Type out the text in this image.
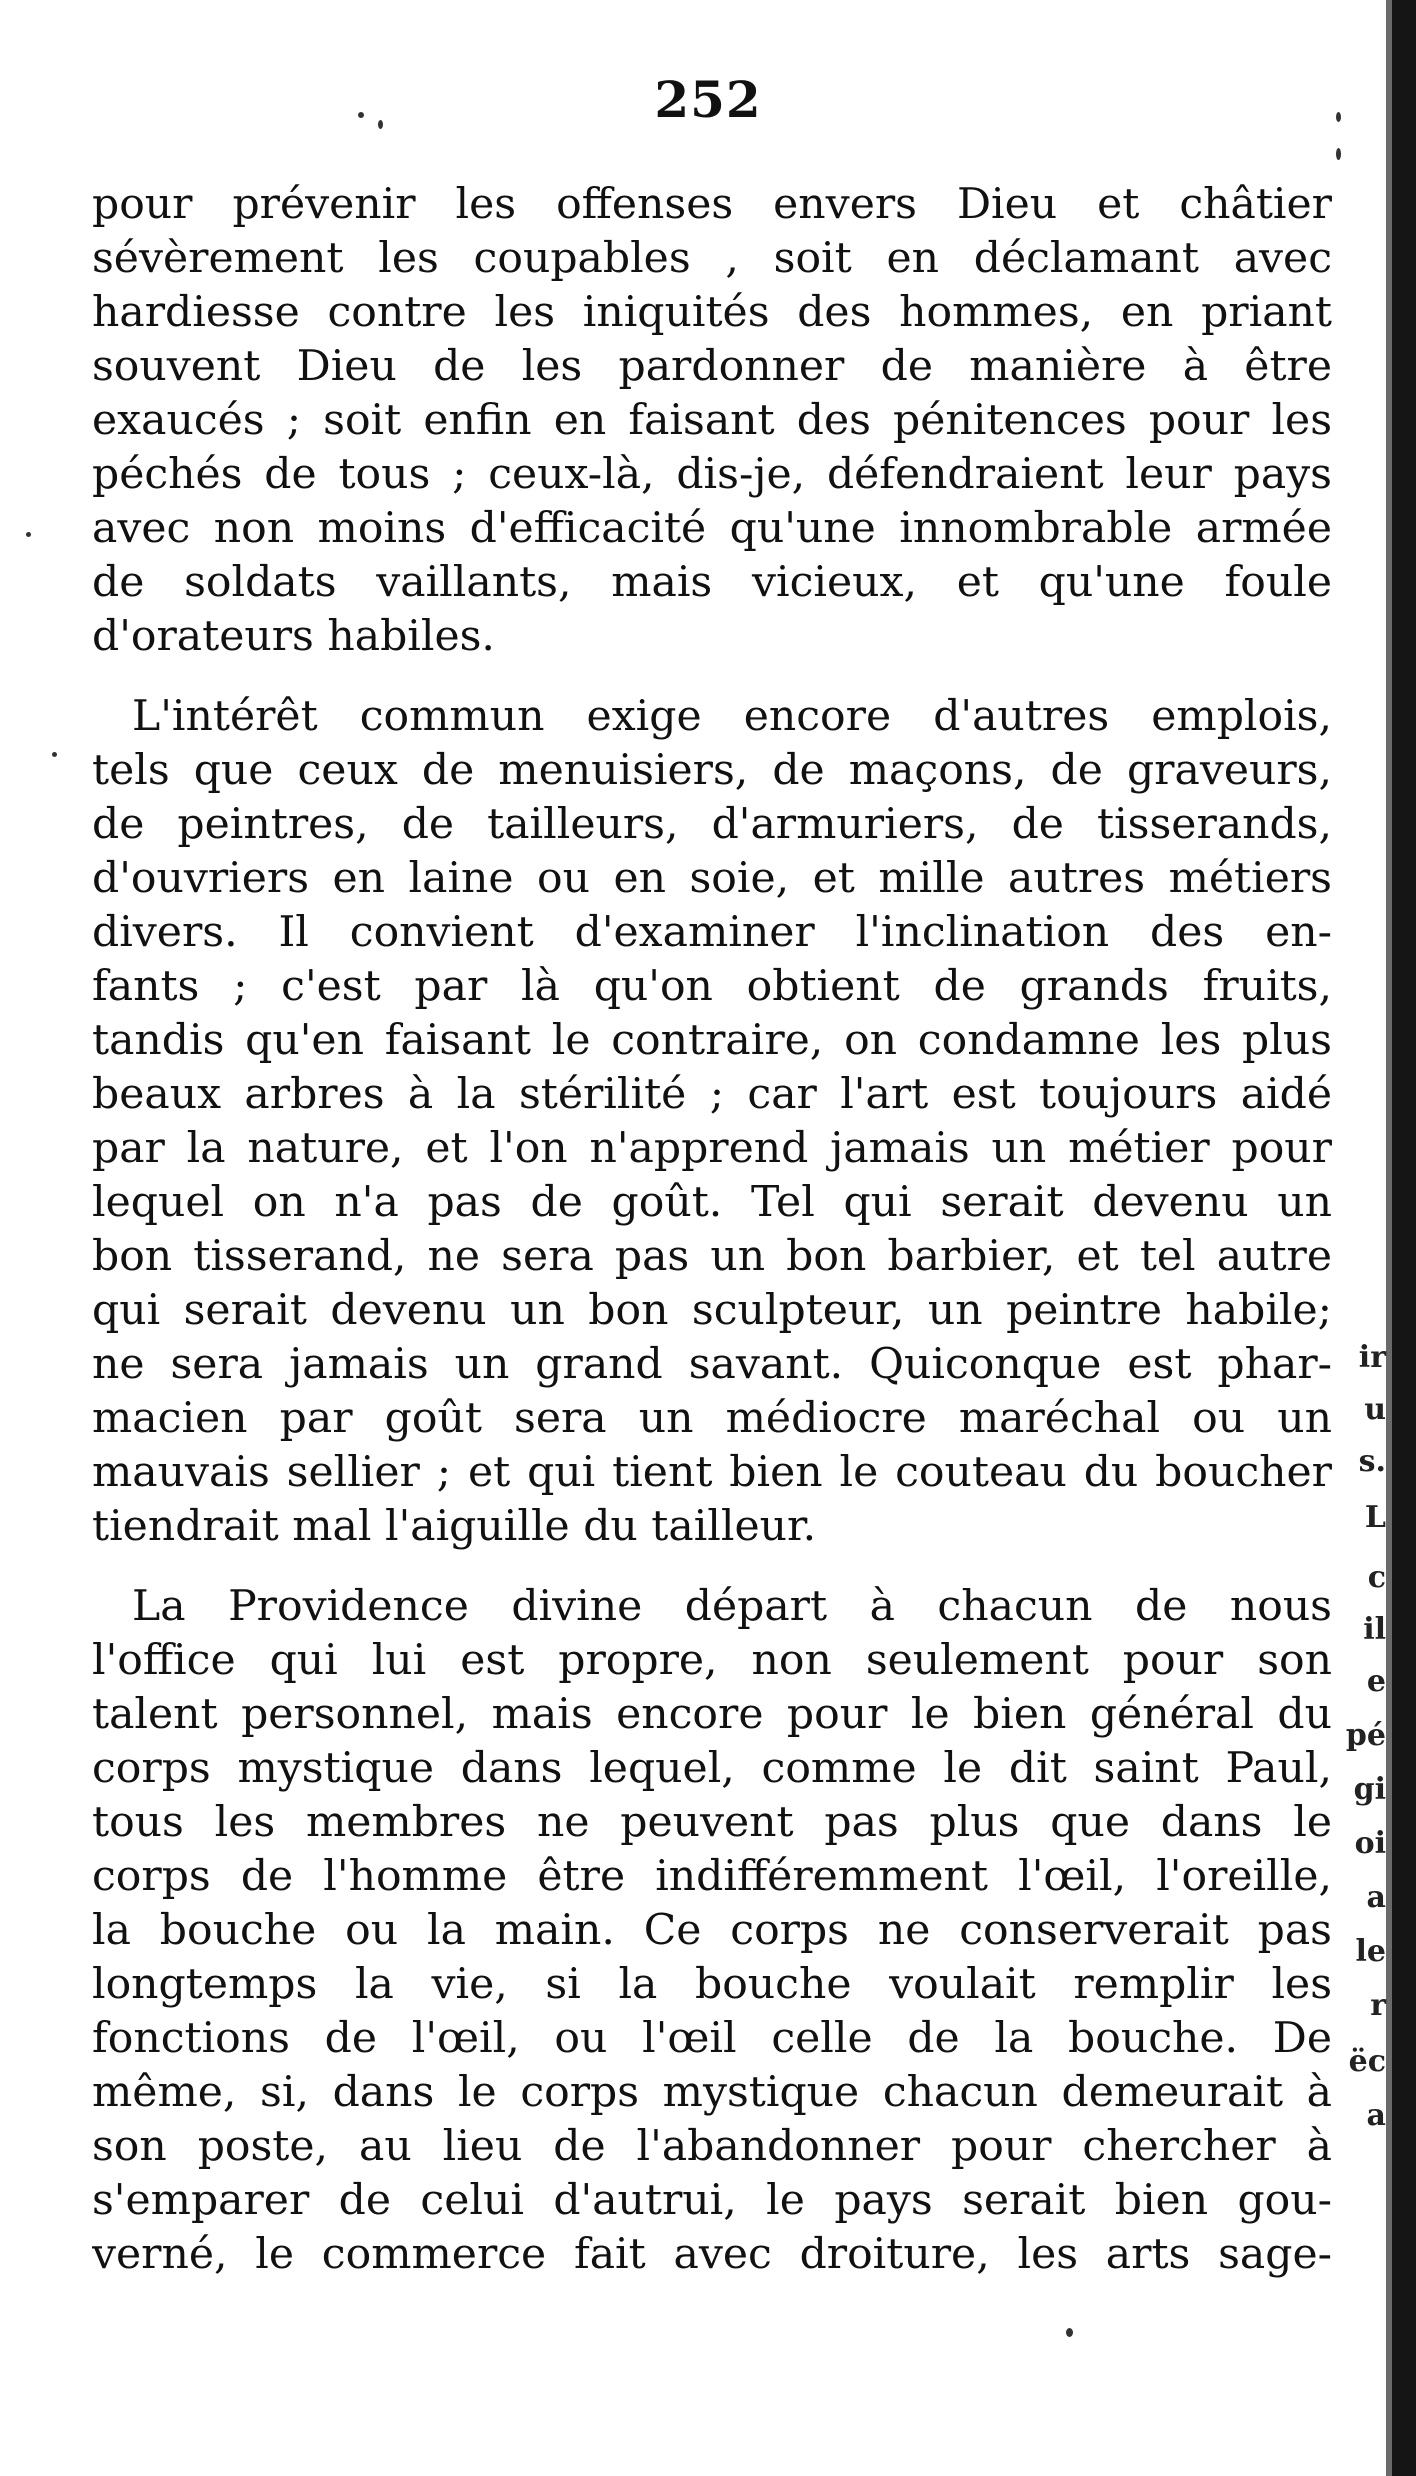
252
pour prévenir les offenses envers Dieu et châtier
sévèrement les coupables , soit en déclamant avec
hardiesse contre les iniquités des hommes, en priant
souvent Dieu de les pardonner de manière à être
exaucés ; soit enfin en faisant des pénitences pour les
péchés de tous ; ceux-là, dis-je, défendraient leur pays
avec non moins d'efficacité qu'une innombrable armée
de soldats vaillants, mais vicieux, et qu'une foule
d'orateurs habiles.
L'intérêt commun exige encore d'autres emplois,
tels que ceux de menuisiers, de maçons, de graveurs,
de peintres, de tailleurs, d'armuriers, de tisserands,
d'ouvriers en laine ou en soie, et mille autres métiers
divers. Il convient d'examiner l'inclination des en-
fants ; c'est par là qu'on obtient de grands fruits,
tandis qu'en faisant le contraire, on condamne les plus
beaux arbres à la stérilité ; car l'art est toujours aidé
par la nature, et l'on n'apprend jamais un métier pour
lequel on n'a pas de goût. Tel qui serait devenu un
bon tisserand, ne sera pas un bon barbier, et tel autre
qui serait devenu un bon sculpteur, un peintre habile;
ne sera jamais un grand savant. Quiconque est phar-
macien par goût sera un médiocre maréchal ou un
mauvais sellier ; et qui tient bien le couteau du boucher
tiendrait mal l'aiguille du tailleur.
La Providence divine départ à chacun de nous
l'office qui lui est propre, non seulement pour son
talent personnel, mais encore pour le bien général du
corps mystique dans lequel, comme le dit saint Paul,
tous les membres ne peuvent pas plus que dans le
corps de l'homme être indifféremment l'œil, l'oreille,
la bouche ou la main. Ce corps ne conserverait pas
longtemps la vie, si la bouche voulait remplir les
fonctions de l'œil, ou l'œil celle de la bouche. De
même, si, dans le corps mystique chacun demeurait à
son poste, au lieu de l'abandonner pour chercher à
s'emparer de celui d'autrui, le pays serait bien gou-
verné, le commerce fait avec droiture, les arts sage-
ir
u
s.
L
c
il
e
pé
gi
oi
a
le
r
ëc
a
